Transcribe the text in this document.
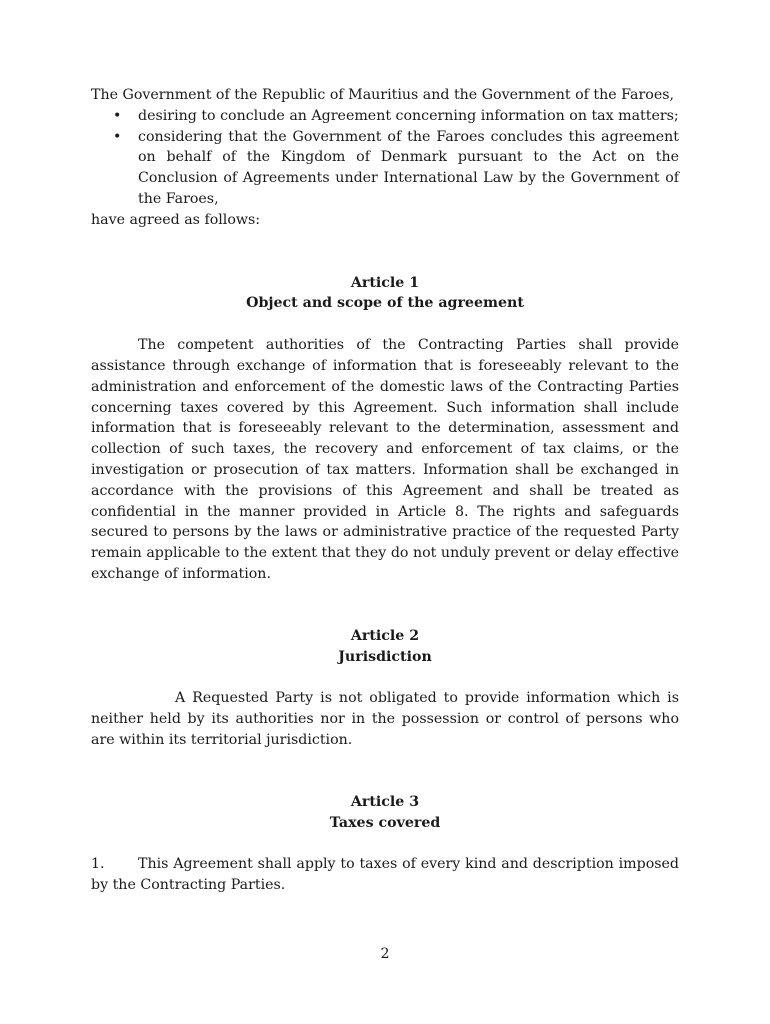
The Government of the Republic of Mauritius and the Government of the Faroes,

• desiring to conclude an Agreement concerning information on tax matters;
• considering that the Government of the Faroes concludes this agreement on behalf of the Kingdom of Denmark pursuant to the Act on the Conclusion of Agreements under International Law by the Government of the Faroes,

have agreed as follows:

Article 1

Object and scope of the agreement

The competent authorities of the Contracting Parties shall provide assistance through exchange of information that is foreseeably relevant to the administration and enforcement of the domestic laws of the Contracting Parties concerning taxes covered by this Agreement. Such information shall include information that is foreseeably relevant to the determination, assessment and collection of such taxes, the recovery and enforcement of tax claims, or the investigation or prosecution of tax matters. Information shall be exchanged in accordance with the provisions of this Agreement and shall be treated as confidential in the manner provided in Article 8. The rights and safeguards secured to persons by the laws or administrative practice of the requested Party remain applicable to the extent that they do not unduly prevent or delay effective exchange of information.

Article 2

Jurisdiction

A Requested Party is not obligated to provide information which is neither held by its authorities nor in the possession or control of persons who are within its territorial jurisdiction.

Article 3

Taxes covered

1. This Agreement shall apply to taxes of every kind and description imposed by the Contracting Parties.

2
